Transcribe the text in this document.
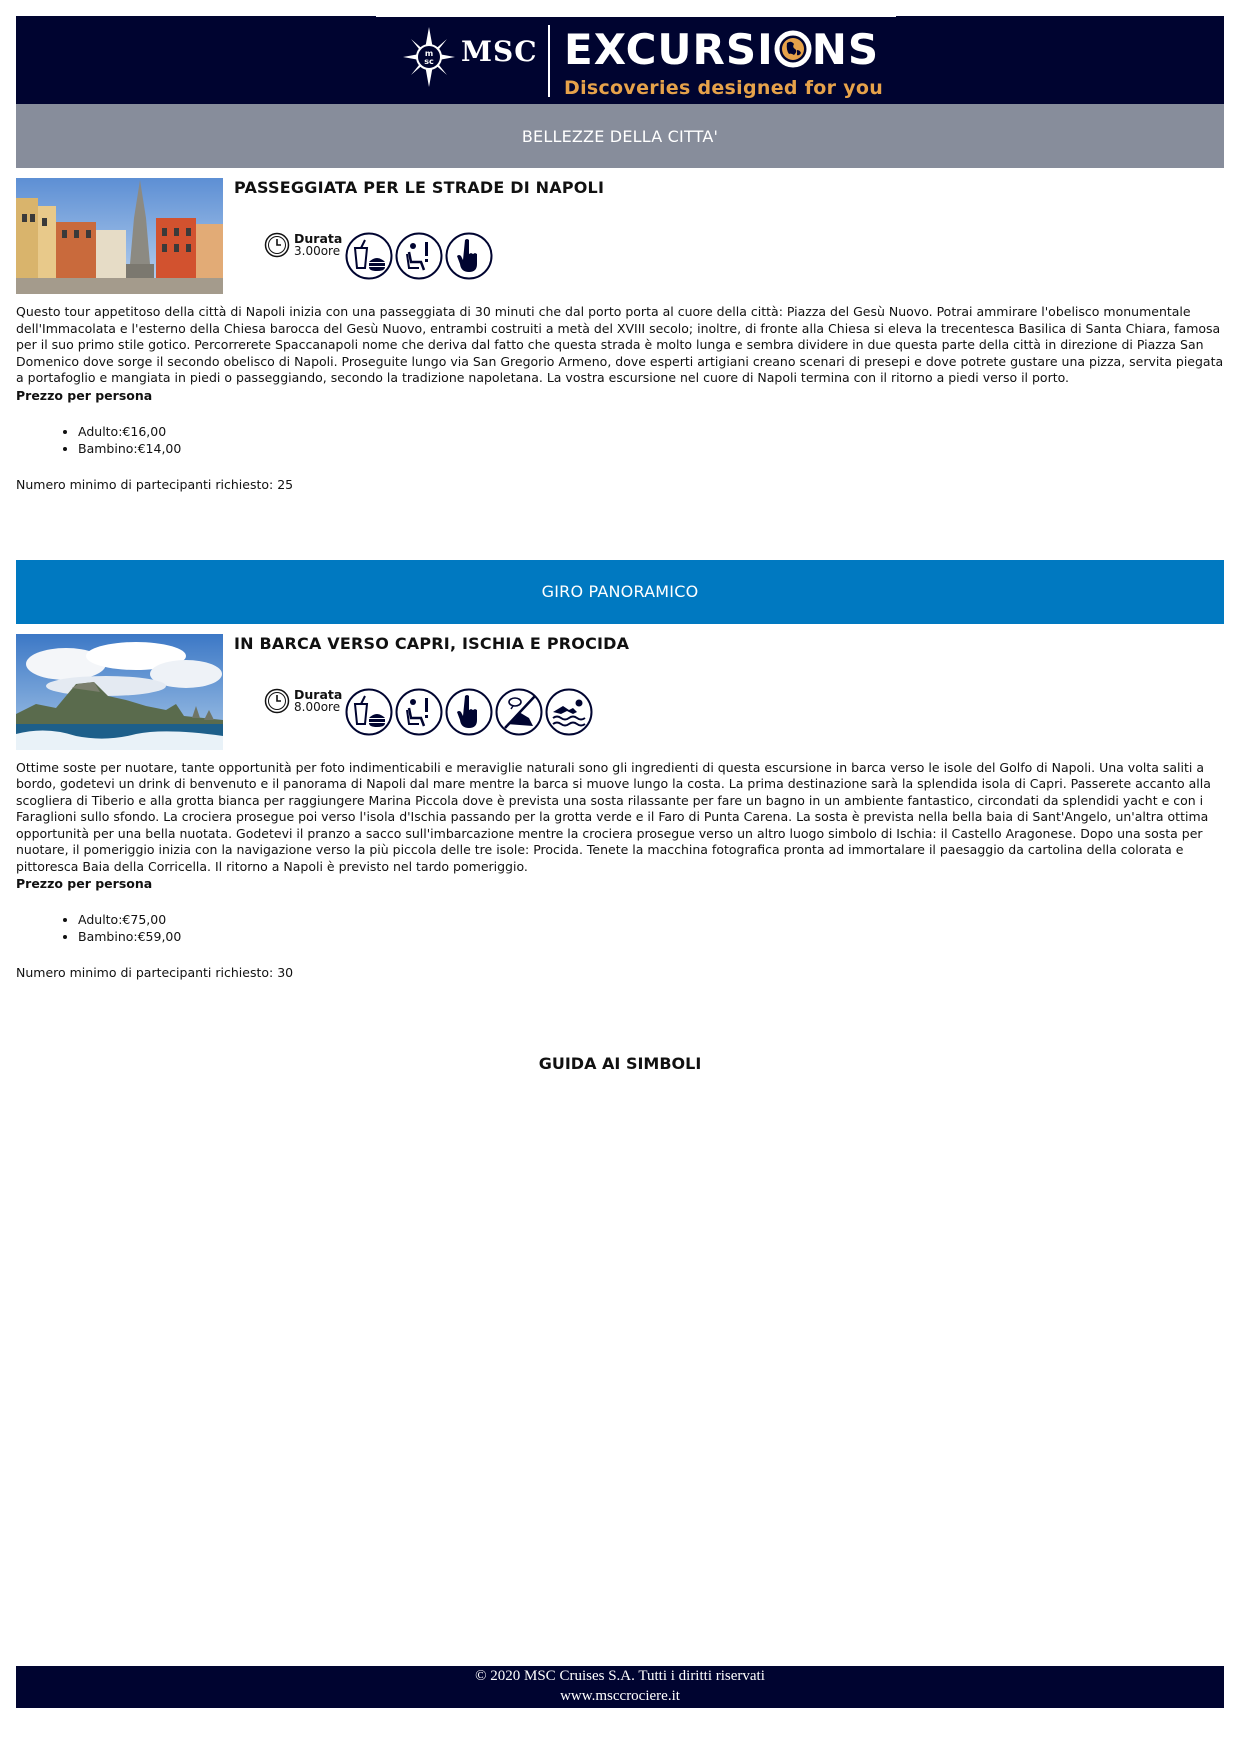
m
sc MSC EXCURSI NS
Discoveries designed for you
BELLEZZE DELLA CITTA'
PASSEGGIATA PER LE STRADE DI NAPOLI
Durata
3.00ore

Questo tour appetitoso della città di Napoli inizia con una passeggiata di 30 minuti che dal porto porta al cuore della città: Piazza del Gesù Nuovo. Potrai ammirare l'obelisco monumentale dell'Immacolata e l'esterno della Chiesa barocca del Gesù Nuovo, entrambi costruiti a metà del XVIII secolo; inoltre, di fronte alla Chiesa si eleva la trecentesca Basilica di Santa Chiara, famosa per il suo primo stile gotico. Percorrerete Spaccanapoli nome che deriva dal fatto che questa strada è molto lunga e sembra dividere in due questa parte della città in direzione di Piazza San Domenico dove sorge il secondo obelisco di Napoli. Proseguite lungo via San Gregorio Armeno, dove esperti artigiani creano scenari di presepi e dove potrete gustare una pizza, servita piegata a portafoglio e mangiata in piedi o passeggiando, secondo la tradizione napoletana. La vostra escursione nel cuore di Napoli termina con il ritorno a piedi verso il porto.

Prezzo per persona
• Adulto:€16,00
• Bambino:€14,00
Numero minimo di partecipanti richiesto: 25
GIRO PANORAMICO
IN BARCA VERSO CAPRI, ISCHIA E PROCIDA
Durata
8.00ore

Ottime soste per nuotare, tante opportunità per foto indimenticabili e meraviglie naturali sono gli ingredienti di questa escursione in barca verso le isole del Golfo di Napoli. Una volta saliti a bordo, godetevi un drink di benvenuto e il panorama di Napoli dal mare mentre la barca si muove lungo la costa. La prima destinazione sarà la splendida isola di Capri. Passerete accanto alla scogliera di Tiberio e alla grotta bianca per raggiungere Marina Piccola dove è prevista una sosta rilassante per fare un bagno in un ambiente fantastico, circondati da splendidi yacht e con i Faraglioni sullo sfondo. La crociera prosegue poi verso l'isola d'Ischia passando per la grotta verde e il Faro di Punta Carena. La sosta è prevista nella bella baia di Sant'Angelo, un'altra ottima opportunità per una bella nuotata. Godetevi il pranzo a sacco sull'imbarcazione mentre la crociera prosegue verso un altro luogo simbolo di Ischia: il Castello Aragonese. Dopo una sosta per nuotare, il pomeriggio inizia con la navigazione verso la più piccola delle tre isole: Procida. Tenete la macchina fotografica pronta ad immortalare il paesaggio da cartolina della colorata e pittoresca Baia della Corricella. Il ritorno a Napoli è previsto nel tardo pomeriggio.

Prezzo per persona
• Adulto:€75,00
• Bambino:€59,00
Numero minimo di partecipanti richiesto: 30
GUIDA AI SIMBOLI
© 2020 MSC Cruises S.A. Tutti i diritti riservati
www.msccrociere.it
